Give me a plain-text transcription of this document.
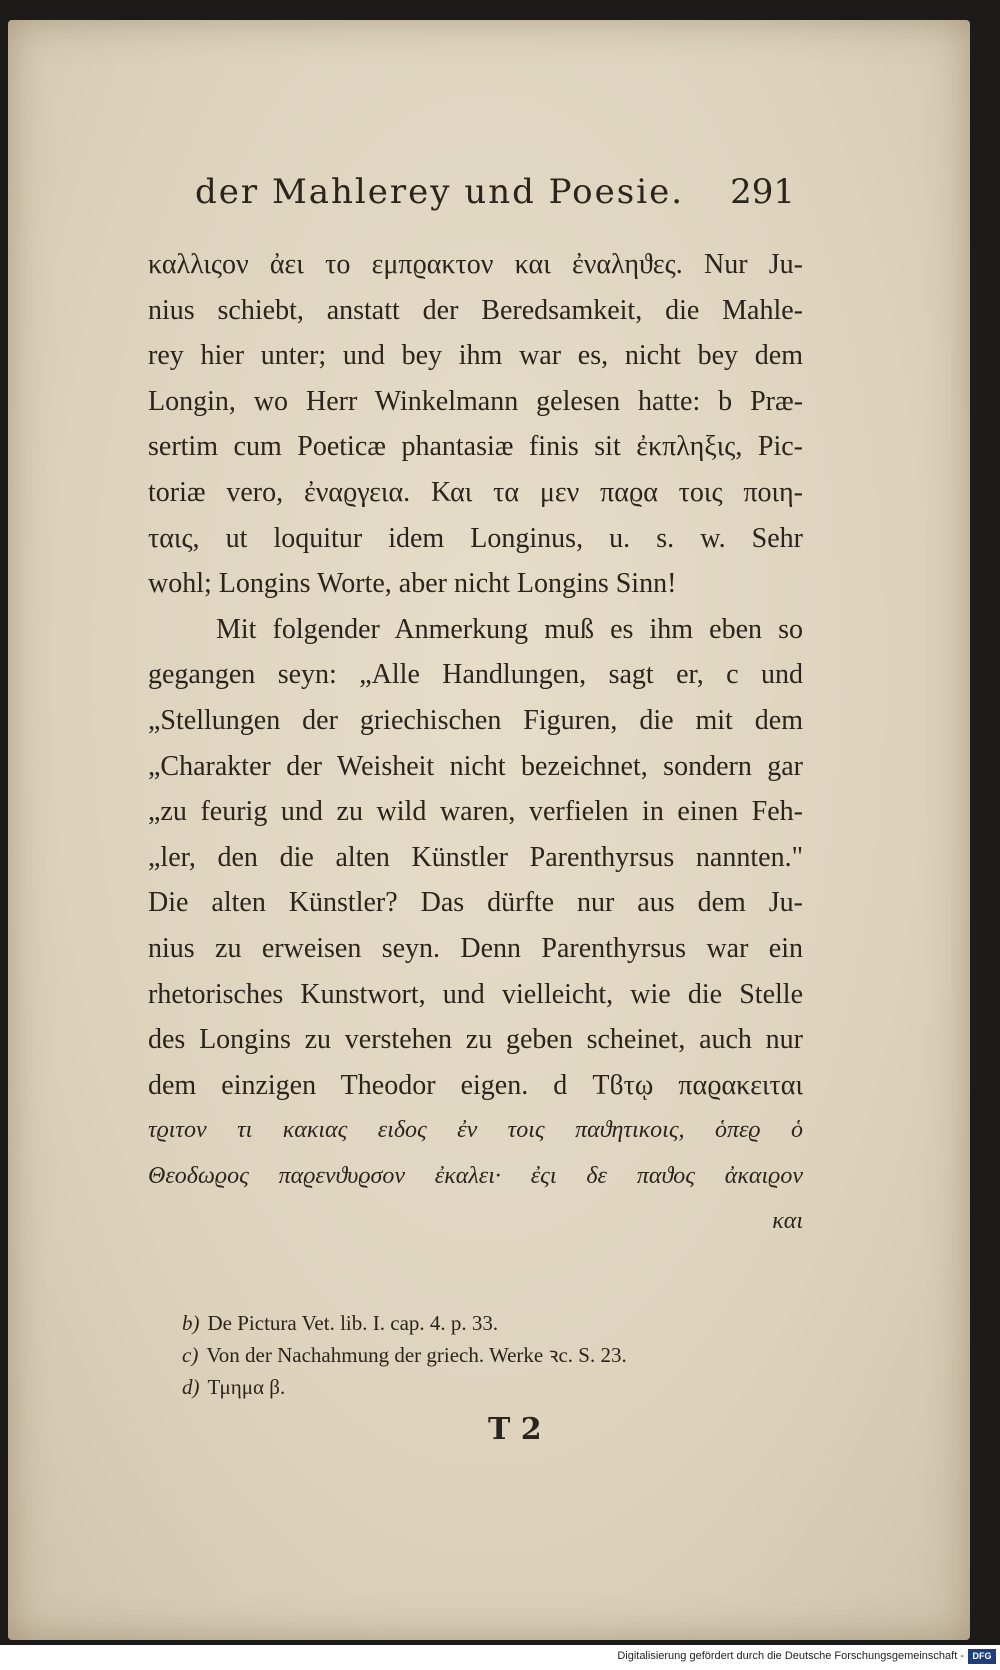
der Mahlerey und Poesie. 291
καλλιςον ἀει το εμπϱακτον και ἐναληϑες. Nur Ju-
nius schiebt, anstatt der Beredsamkeit, die Mahle-
rey hier unter; und bey ihm war es, nicht bey dem
Longin, wo Herr Winkelmann gelesen hatte: b Præ-
sertim cum Poeticæ phantasiæ finis sit ἐκπληξις, Pic-
toriæ vero, ἐναϱγεια. Και τα μεν παϱα τοις ποιη-
ταις, ut loquitur idem Longinus, u. s. w. Sehr
wohl; Longins Worte, aber nicht Longins Sinn!
Mit folgender Anmerkung muß es ihm eben so
gegangen seyn: „Alle Handlungen, sagt er, c und
„Stellungen der griechischen Figuren, die mit dem
„Charakter der Weisheit nicht bezeichnet, sondern gar
„zu feurig und zu wild waren, verfielen in einen Feh-
„ler, den die alten Künstler Parenthyrsus nannten."
Die alten Künstler? Das dürfte nur aus dem Ju-
nius zu erweisen seyn. Denn Parenthyrsus war ein
rhetorisches Kunstwort, und vielleicht, wie die Stelle
des Longins zu verstehen zu geben scheinet, auch nur
dem einzigen Theodor eigen. d Τϐτῳ παϱακειται
τϱιτον τι κακιας ειδος ἐν τοις παϑητικοις, ὁπεϱ ὁ
Θεοδωϱος παϱενϑυϱσον ἐκαλει· ἐςι δε παϑος ἀκαιϱον
και
b) De Pictura Vet. lib. I. cap. 4. p. 33.
c) Von der Nachahmung der griech. Werke ꝛc. S. 23.
d) Τμημα β.
T 2
Digitalisierung gefördert durch die Deutsche Forschungsgemeinschaft - DFG
